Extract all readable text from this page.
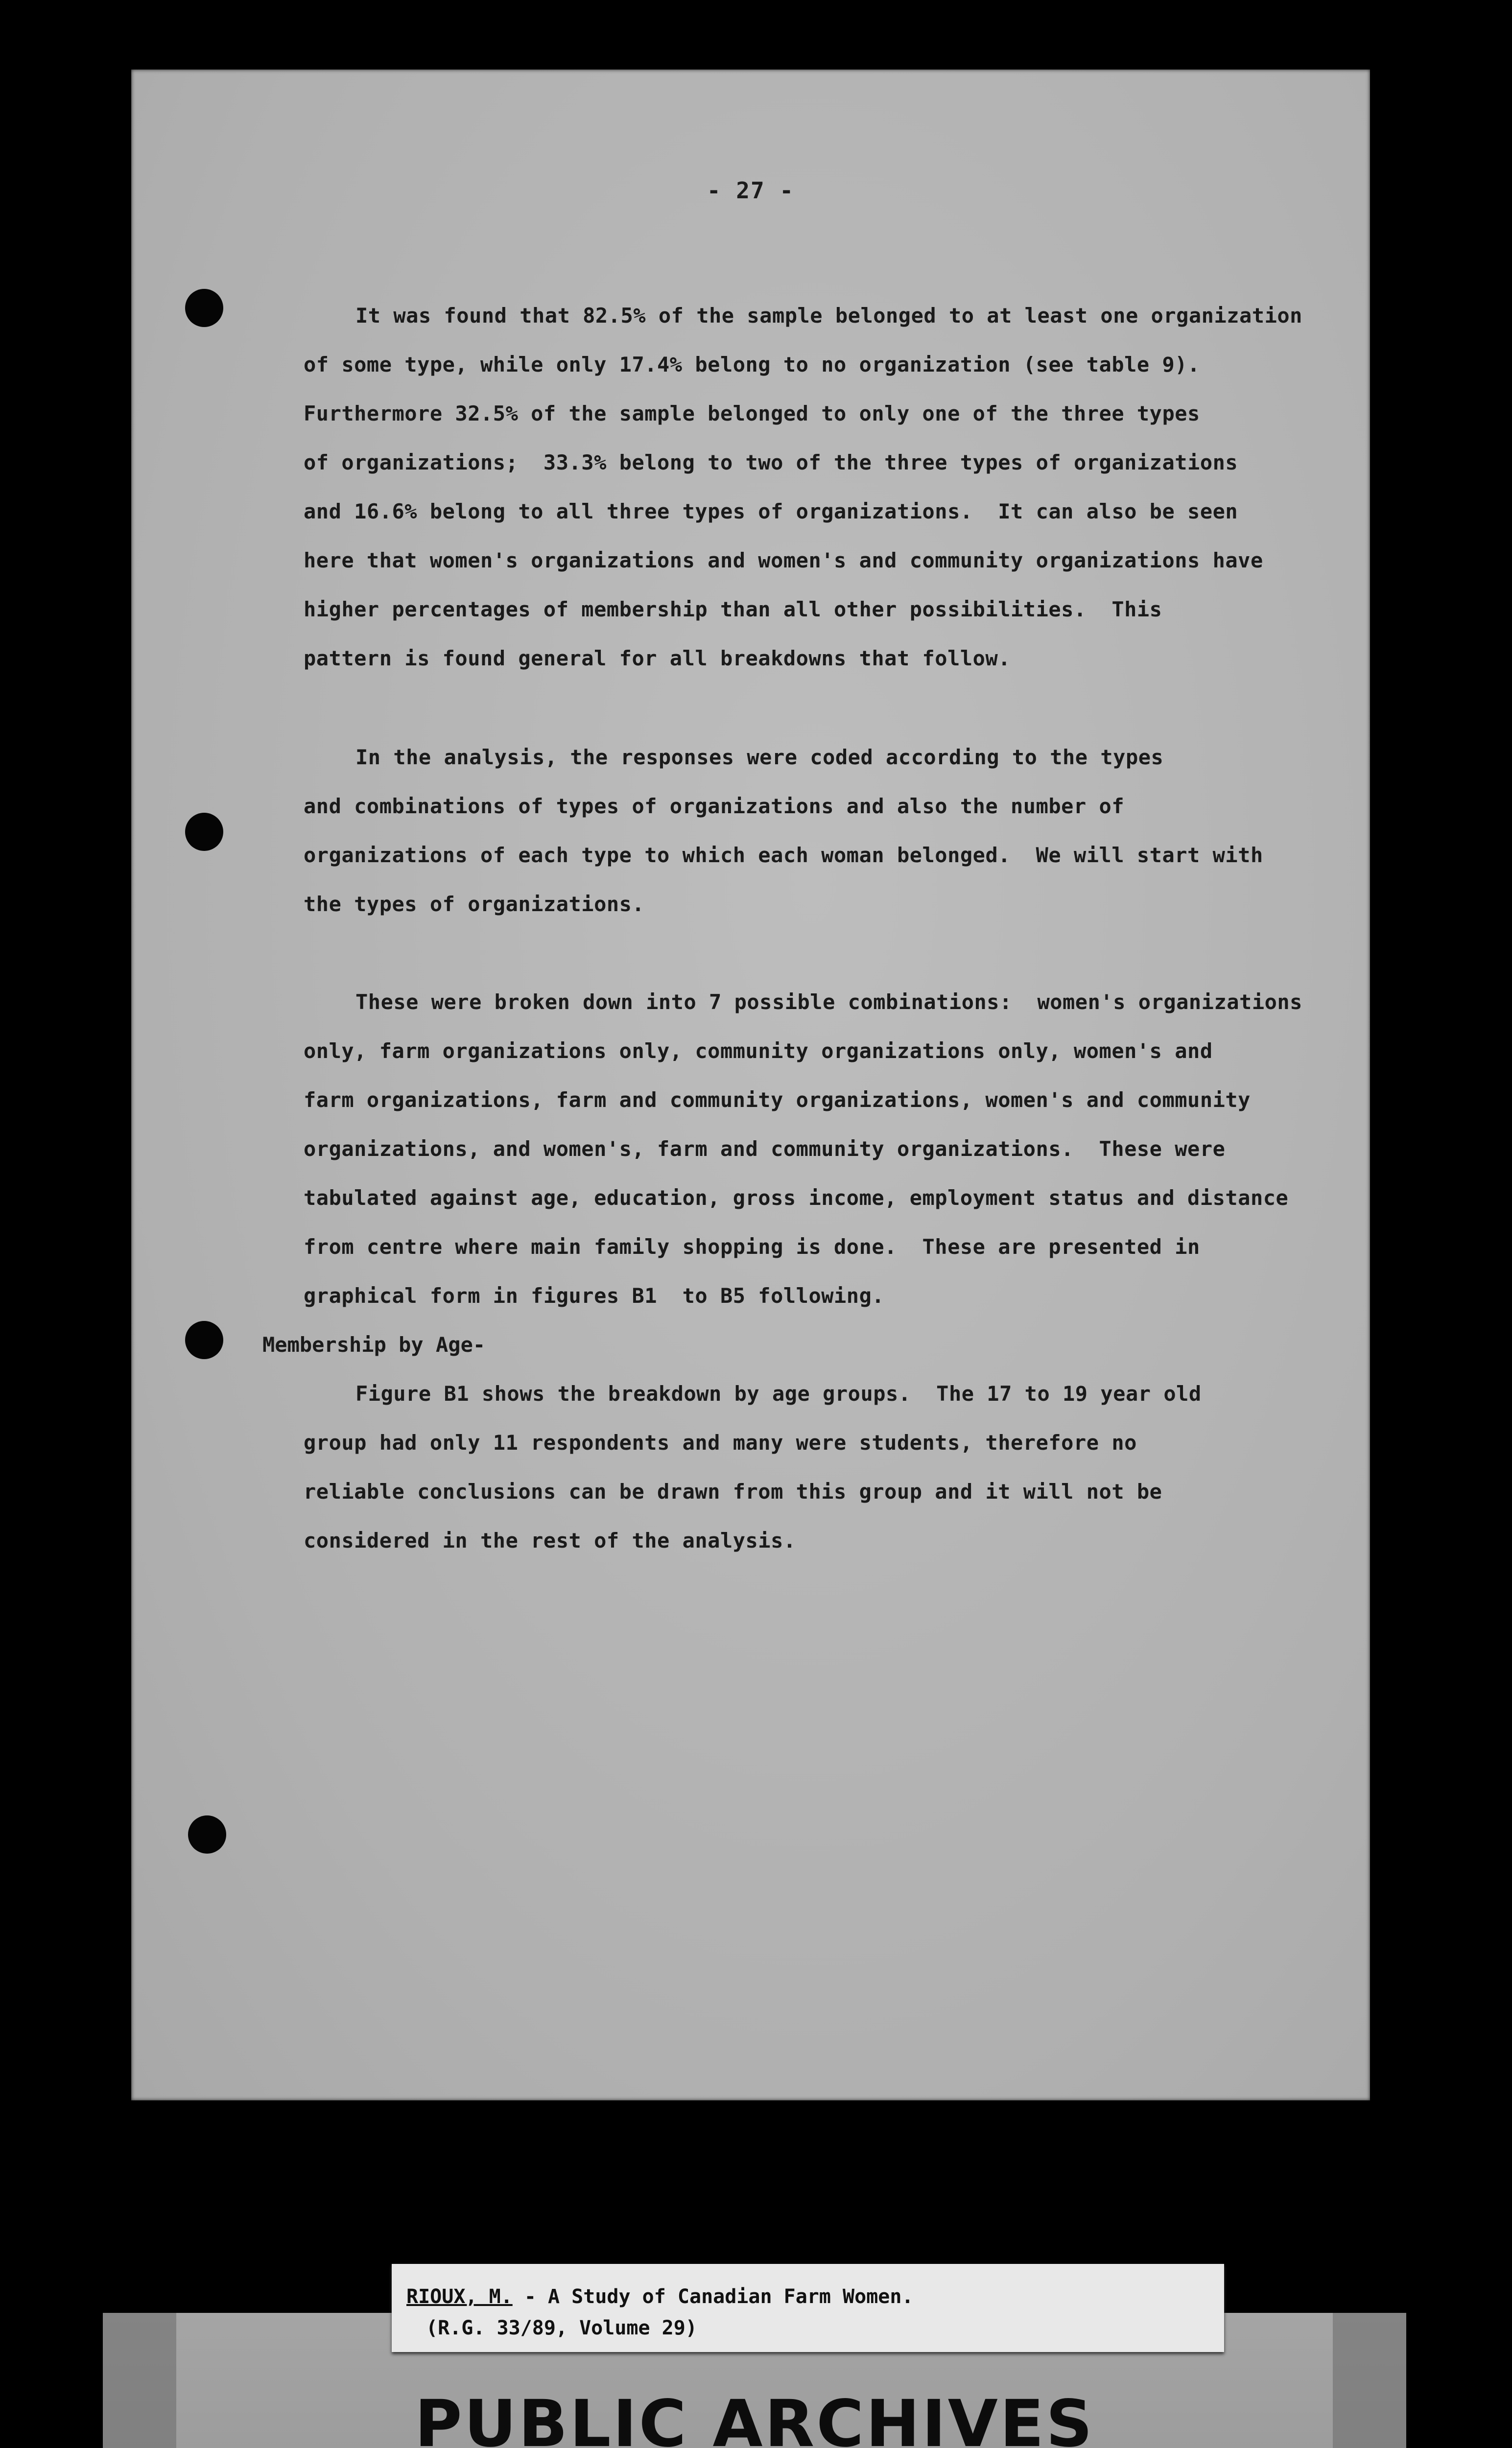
- 27 -
It was found that 82.5% of the sample belonged to at least one organization
of some type, while only 17.4% belong to no organization (see table 9).
Furthermore 32.5% of the sample belonged to only one of the three types
of organizations;  33.3% belong to two of the three types of organizations
and 16.6% belong to all three types of organizations.  It can also be seen
here that women's organizations and women's and community organizations have
higher percentages of membership than all other possibilities.  This
pattern is found general for all breakdowns that follow.
In the analysis, the responses were coded according to the types
and combinations of types of organizations and also the number of
organizations of each type to which each woman belonged.  We will start with
the types of organizations.
These were broken down into 7 possible combinations:  women's organizations
only, farm organizations only, community organizations only, women's and
farm organizations, farm and community organizations, women's and community
organizations, and women's, farm and community organizations.  These were
tabulated against age, education, gross income, employment status and distance
from centre where main family shopping is done.  These are presented in
graphical form in figures B1  to B5 following.
Membership by Age-
Figure B1 shows the breakdown by age groups.  The 17 to 19 year old
group had only 11 respondents and many were students, therefore no
reliable conclusions can be drawn from this group and it will not be
considered in the rest of the analysis.
RIOUX, M. - A Study of Canadian Farm Women.
(R.G. 33/89, Volume 29)
PUBLIC ARCHIVES
